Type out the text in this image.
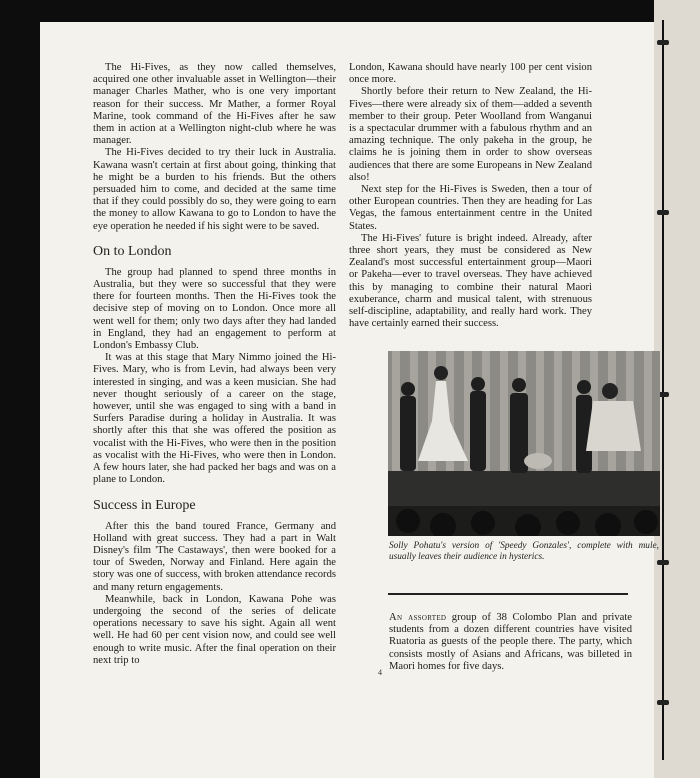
The Hi-Fives, as they now called themselves, acquired one other invaluable asset in Wellington—their manager Charles Mather, who is one very important reason for their success. Mr Mather, a former Royal Marine, took command of the Hi-Fives after he saw them in action at a Wellington night-club where he was manager.

The Hi-Fives decided to try their luck in Australia. Kawana wasn't certain at first about going, thinking that he might be a burden to his friends. But the others persuaded him to come, and decided at the same time that if they could possibly do so, they were going to earn the money to allow Kawana to go to London to have the eye operation he needed if his sight were to be saved.

On to London

The group had planned to spend three months in Australia, but they were so successful that they were there for fourteen months. Then the Hi-Fives took the decisive step of moving on to London. Once more all went well for them; only two days after they had landed in England, they had an engagement to perform at London's Embassy Club.

It was at this stage that Mary Nimmo joined the Hi-Fives. Mary, who is from Levin, had always been very interested in singing, and was a keen musician. She had never thought seriously of a career on the stage, however, until she was engaged to sing with a band in Surfers Paradise during a holiday in Australia. It was shortly after this that she was offered the position as vocalist with the Hi-Fives, who were then in the position as vocalist with the Hi-Fives, who were then in London. A few hours later, she had packed her bags and was on a plane to London.

Success in Europe

After this the band toured France, Germany and Holland with great success. They had a part in Walt Disney's film 'The Castaways', then were booked for a tour of Sweden, Norway and Finland. Here again the story was one of success, with broken attendance records and many return engagements.

Meanwhile, back in London, Kawana Pohe was undergoing the second of the series of delicate operations necessary to save his sight. Again all went well. He had 60 per cent vision now, and could see well enough to write music. After the final operation on their next trip to

London, Kawana should have nearly 100 per cent vision once more.

Shortly before their return to New Zealand, the Hi-Fives—there were already six of them—added a seventh member to their group. Peter Woolland from Wanganui is a spectacular drummer with a fabulous rhythm and an amazing technique. The only pakeha in the group, he claims he is joining them in order to show overseas audiences that there are some Europeans in New Zealand also!

Next step for the Hi-Fives is Sweden, then a tour of other European countries. Then they are heading for Las Vegas, the famous entertainment centre in the United States.

The Hi-Fives' future is bright indeed. Already, after three short years, they must be considered as New Zealand's most successful entertainment group—Maori or Pakeha—ever to travel overseas. They have achieved this by managing to combine their natural Maori exuberance, charm and musical talent, with strenuous self-discipline, adaptability, and really hard work. They have certainly earned their success.

Solly Pohatu's version of 'Speedy Gonzales', complete with mule, usually leaves their audience in hysterics.
An assorted group of 38 Colombo Plan and private students from a dozen different countries have visited Ruatoria as guests of the people there. The party, which consists mostly of Asians and Africans, was billeted in Maori homes for five days.
4
